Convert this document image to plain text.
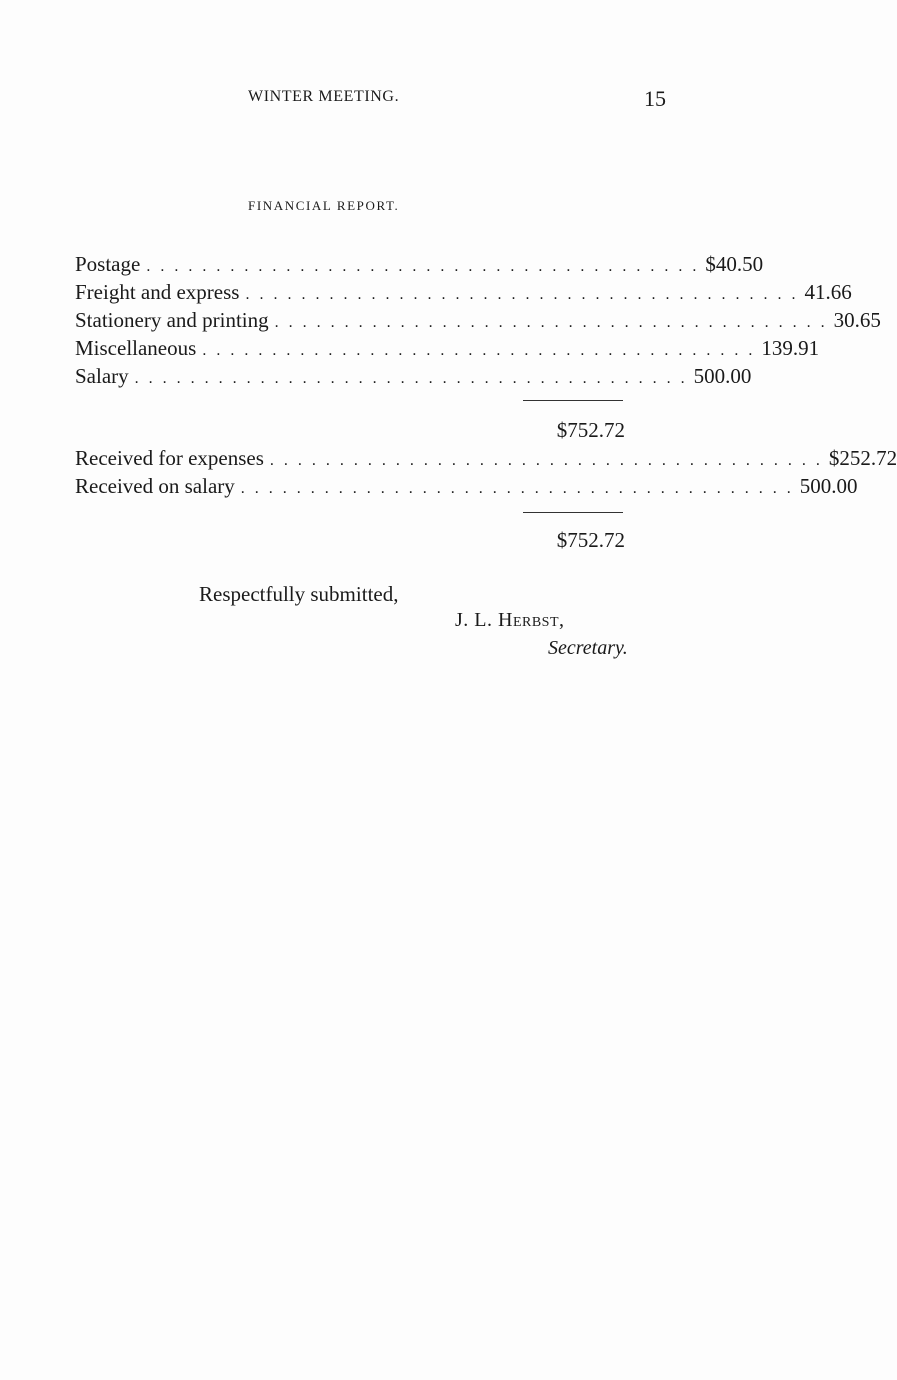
WINTER MEETING.	15
FINANCIAL REPORT.
Postage . . . . . . . . . . . . . . . . . . . . . . . . . . . . . . . . . . . . . . . . $40.50
Freight and express . . . . . . . . . . . . . . . . . . . . . . . . . . . . . . . . . . . . . . . . 41.66
Stationery and printing . . . . . . . . . . . . . . . . . . . . . . . . . . . . . . . . . . . . . . . . 30.65
Miscellaneous . . . . . . . . . . . . . . . . . . . . . . . . . . . . . . . . . . . . . . . . 139.91
Salary . . . . . . . . . . . . . . . . . . . . . . . . . . . . . . . . . . . . . . . . 500.00
$752.72
Received for expenses . . . . . . . . . . . . . . . . . . . . . . . . . . . . . . . . . . . . . . . . $252.72
Received on salary . . . . . . . . . . . . . . . . . . . . . . . . . . . . . . . . . . . . . . . . 500.00
$752.72
Respectfully submitted,
J. L. Herbst,
Secretary.
